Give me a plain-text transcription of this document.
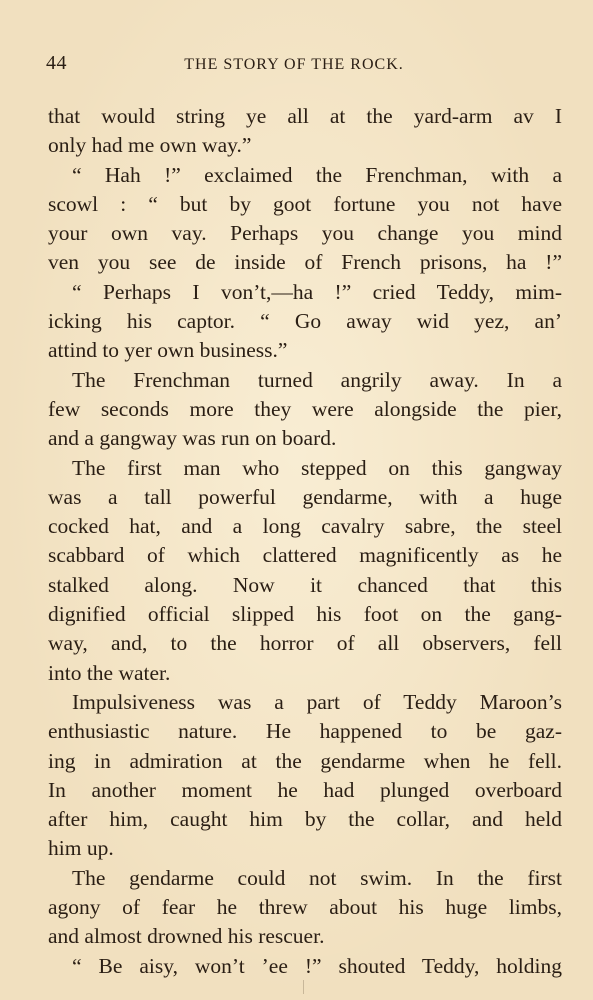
44	THE STORY OF THE ROCK.
that would string ye all at the yard-arm av I
only had me own way.”
“ Hah !” exclaimed the Frenchman, with a
scowl : “ but by goot fortune you not have
your own vay. Perhaps you change you mind
ven you see de inside of French prisons, ha !”
“ Perhaps I von’t,—ha !” cried Teddy, mim-
icking his captor. “ Go away wid yez, an’
attind to yer own business.”
The Frenchman turned angrily away. In a
few seconds more they were alongside the pier,
and a gangway was run on board.
The first man who stepped on this gangway
was a tall powerful gendarme, with a huge
cocked hat, and a long cavalry sabre, the steel
scabbard of which clattered magnificently as he
stalked along. Now it chanced that this
dignified official slipped his foot on the gang-
way, and, to the horror of all observers, fell
into the water.
Impulsiveness was a part of Teddy Maroon’s
enthusiastic nature. He happened to be gaz-
ing in admiration at the gendarme when he fell.
In another moment he had plunged overboard
after him, caught him by the collar, and held
him up.
The gendarme could not swim. In the first
agony of fear he threw about his huge limbs,
and almost drowned his rescuer.
“ Be aisy, won’t ’ee !” shouted Teddy, holding
